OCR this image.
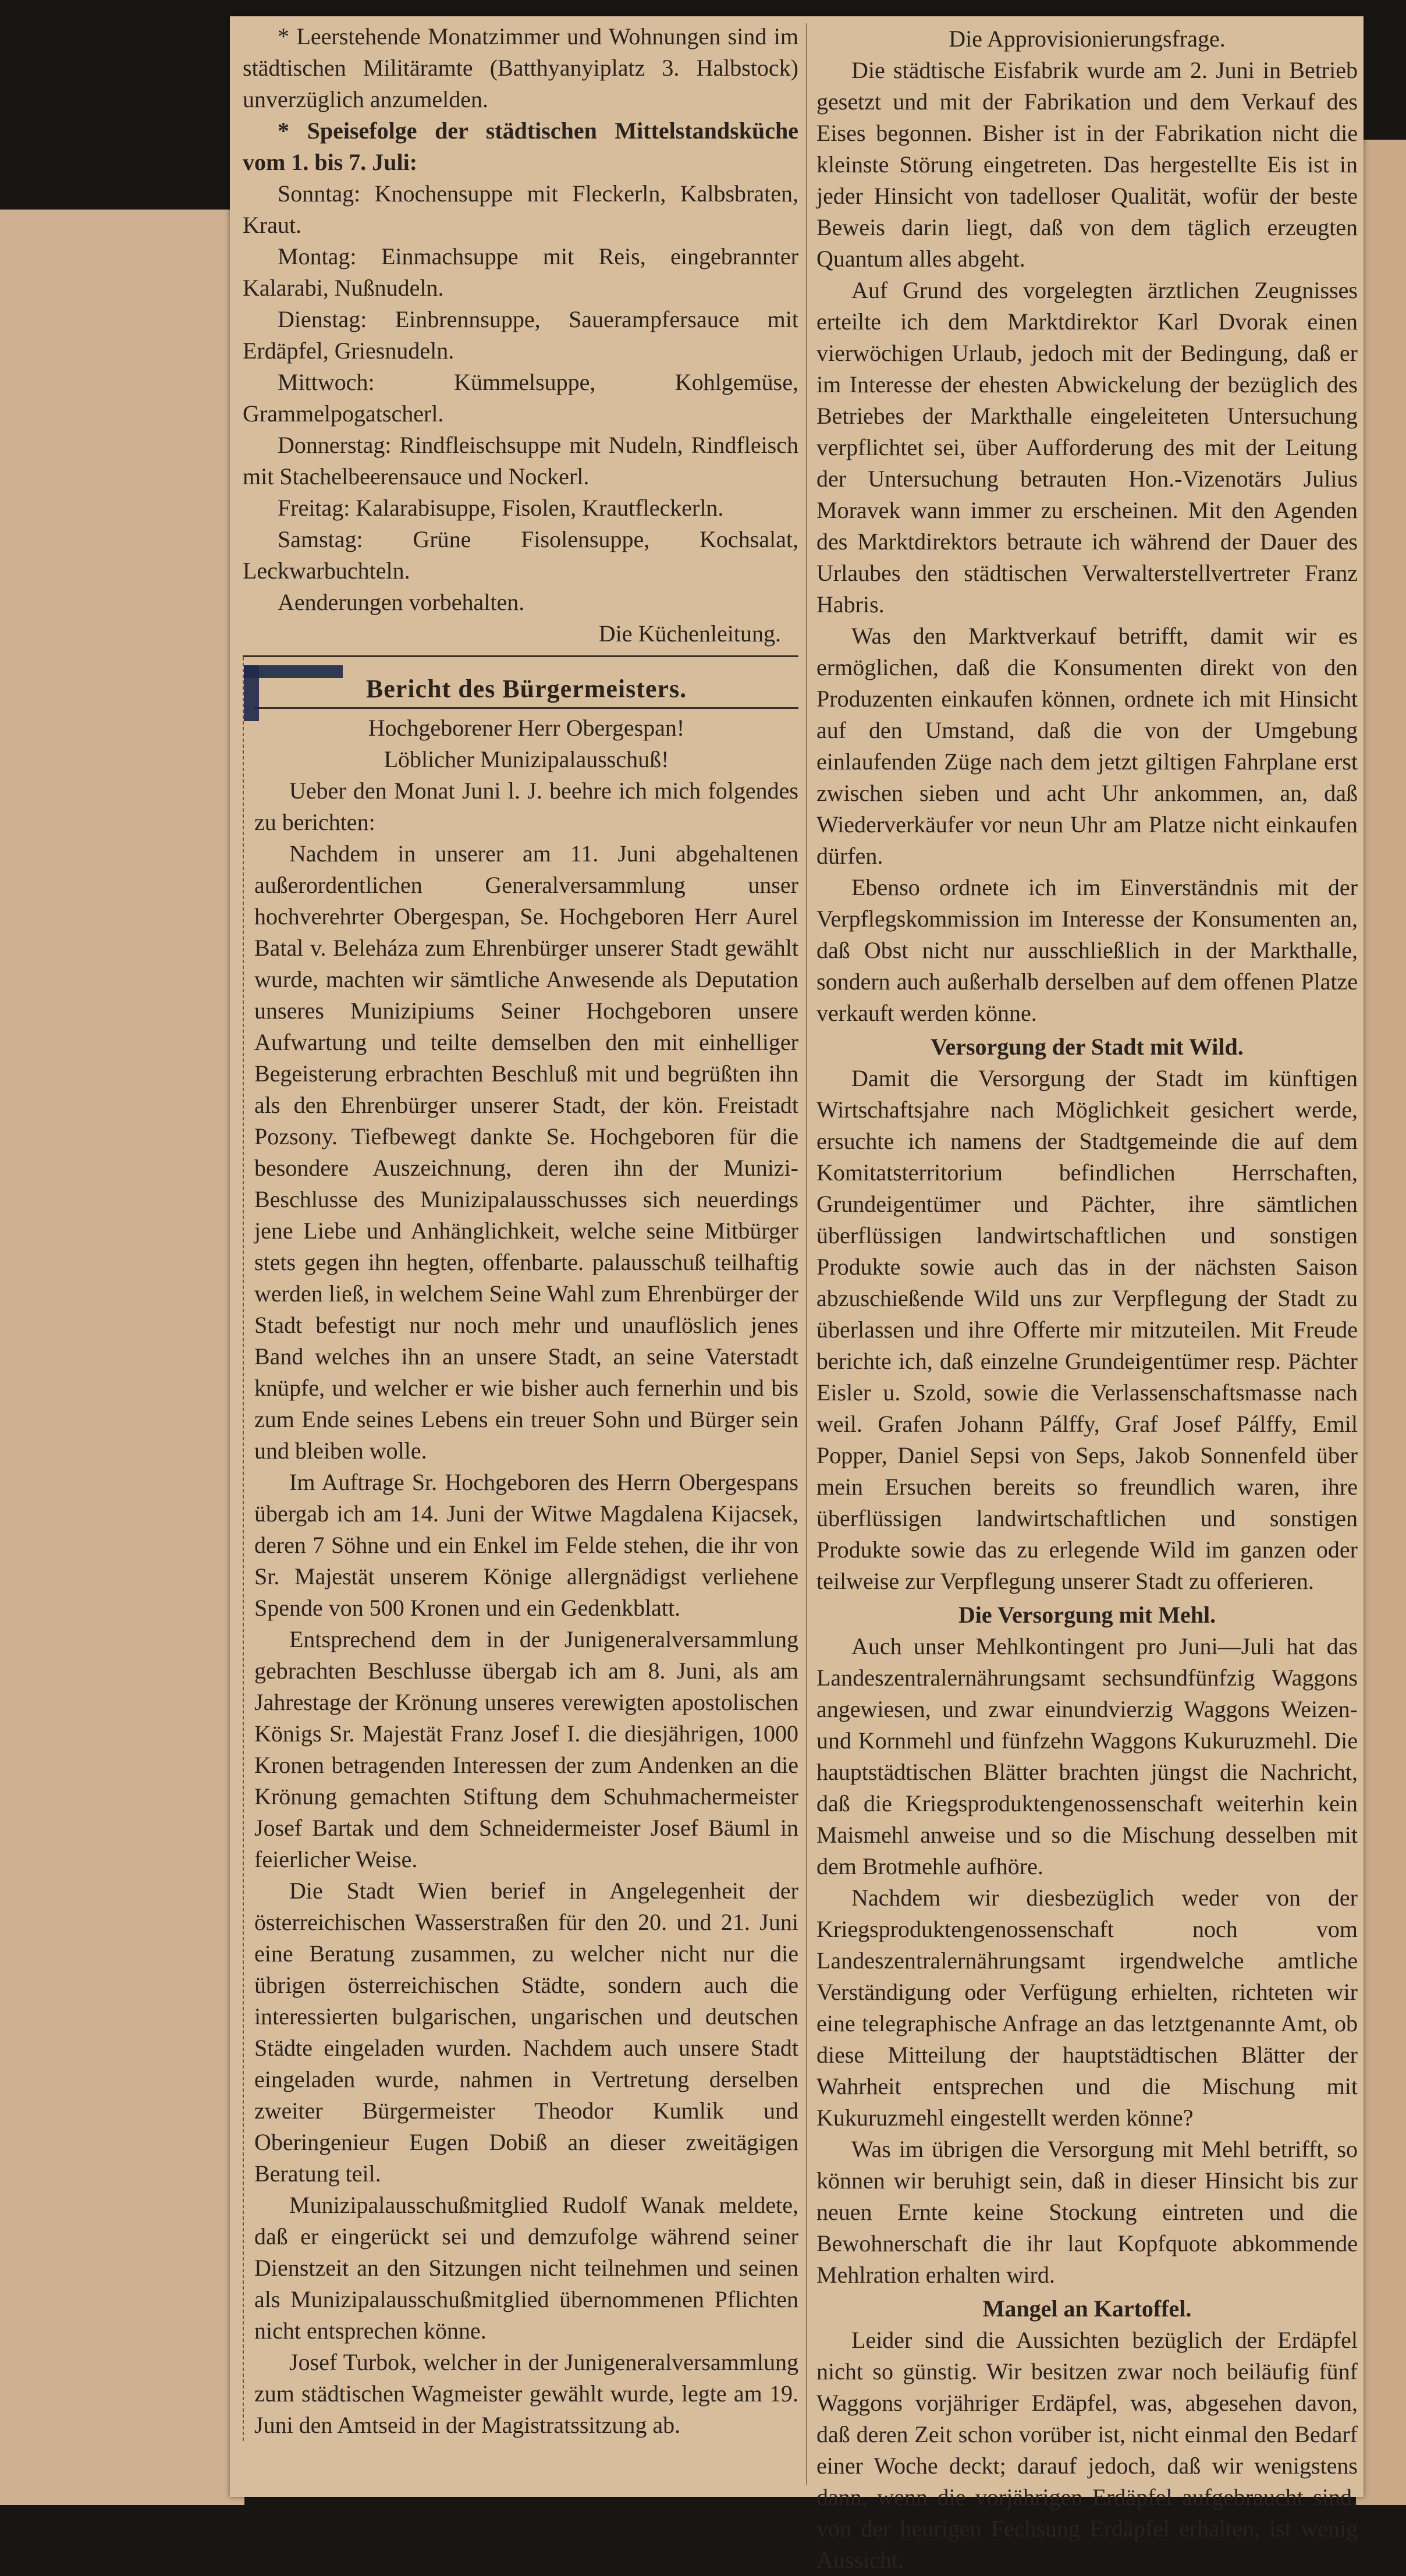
* Leerstehende Monatzimmer und Wohnungen sind im städtischen Militäramte (Batthyanyiplatz 3. Halbstock) unverzüglich anzumelden.

* Speisefolge der städtischen Mittelstandsküche vom 1. bis 7. Juli:

Sonntag: Knochensuppe mit Fleckerln, Kalbsbraten, Kraut.

Montag: Einmachsuppe mit Reis, eingebrannter Kalarabi, Nußnudeln.

Dienstag: Einbrennsuppe, Sauerampfersauce mit Erdäpfel, Griesnudeln.

Mittwoch: Kümmelsuppe, Kohlgemüse, Grammelpogatscherl.

Donnerstag: Rindfleischsuppe mit Nudeln, Rindfleisch mit Stachelbeerensauce und Nockerl.

Freitag: Kalarabisuppe, Fisolen, Krautfleckerln.

Samstag: Grüne Fisolensuppe, Kochsalat, Leckwarbuchteln.

Aenderungen vorbehalten.

Die Küchenleitung.

Bericht des Bürgermeisters.

Hochgeborener Herr Obergespan!

Löblicher Munizipalausschuß!

Ueber den Monat Juni l. J. beehre ich mich folgendes zu berichten:

Nachdem in unserer am 11. Juni abgehaltenen außerordentlichen Generalversammlung unser hochverehrter Obergespan, Se. Hochgeboren Herr Aurel Batal v. Beleháza zum Ehrenbürger unserer Stadt gewählt wurde, machten wir sämtliche Anwesende als Deputation unseres Munizipiums Seiner Hochgeboren unsere Aufwartung und teilte demselben den mit einhelliger Begeisterung erbrachten Beschluß mit und begrüßten ihn als den Ehrenbürger unserer Stadt, der kön. Freistadt Pozsony. Tiefbewegt dankte Se. Hochgeboren für die besondere Auszeichnung, deren ihn der Munizi- Beschlusse des Munizipalausschusses sich neuerdings jene Liebe und Anhänglichkeit, welche seine Mitbürger stets gegen ihn hegten, offenbarte. palausschuß teilhaftig werden ließ, in welchem Seine Wahl zum Ehrenbürger der Stadt befestigt nur noch mehr und unauflöslich jenes Band welches ihn an unsere Stadt, an seine Vaterstadt knüpfe, und welcher er wie bisher auch fernerhin und bis zum Ende seines Lebens ein treuer Sohn und Bürger sein und bleiben wolle.

Im Auftrage Sr. Hochgeboren des Herrn Obergespans übergab ich am 14. Juni der Witwe Magdalena Kijacsek, deren 7 Söhne und ein Enkel im Felde stehen, die ihr von Sr. Majestät unserem Könige allergnädigst verliehene Spende von 500 Kronen und ein Gedenkblatt.

Entsprechend dem in der Junigeneralversammlung gebrachten Beschlusse übergab ich am 8. Juni, als am Jahrestage der Krönung unseres verewigten apostolischen Königs Sr. Majestät Franz Josef I. die diesjährigen, 1000 Kronen betragenden Interessen der zum Andenken an die Krönung gemachten Stiftung dem Schuhmachermeister Josef Bartak und dem Schneidermeister Josef Bäuml in feierlicher Weise.

Die Stadt Wien berief in Angelegenheit der österreichischen Wasserstraßen für den 20. und 21. Juni eine Beratung zusammen, zu welcher nicht nur die übrigen österreichischen Städte, sondern auch die interessierten bulgarischen, ungarischen und deutschen Städte eingeladen wurden. Nachdem auch unsere Stadt eingeladen wurde, nahmen in Vertretung derselben zweiter Bürgermeister Theodor Kumlik und Oberingenieur Eugen Dobiß an dieser zweitägigen Beratung teil.

Munizipalausschußmitglied Rudolf Wanak meldete, daß er eingerückt sei und demzufolge während seiner Dienstzeit an den Sitzungen nicht teilnehmen und seinen als Munizipalausschußmitglied übernommenen Pflichten nicht entsprechen könne.

Josef Turbok, welcher in der Junigeneralversammlung zum städtischen Wagmeister gewählt wurde, legte am 19. Juni den Amtseid in der Magistratssitzung ab.

Die Approvisionierungsfrage.

Die städtische Eisfabrik wurde am 2. Juni in Betrieb gesetzt und mit der Fabrikation und dem Verkauf des Eises begonnen. Bisher ist in der Fabrikation nicht die kleinste Störung eingetreten. Das hergestellte Eis ist in jeder Hinsicht von tadelloser Qualität, wofür der beste Beweis darin liegt, daß von dem täglich erzeugten Quantum alles abgeht.

Auf Grund des vorgelegten ärztlichen Zeugnisses erteilte ich dem Marktdirektor Karl Dvorak einen vierwöchigen Urlaub, jedoch mit der Bedingung, daß er im Interesse der ehesten Abwickelung der bezüglich des Betriebes der Markthalle eingeleiteten Untersuchung verpflichtet sei, über Aufforderung des mit der Leitung der Untersuchung betrauten Hon.-Vizenotärs Julius Moravek wann immer zu erscheinen. Mit den Agenden des Marktdirektors betraute ich während der Dauer des Urlaubes den städtischen Verwalterstellvertreter Franz Habris.

Was den Marktverkauf betrifft, damit wir es ermöglichen, daß die Konsumenten direkt von den Produzenten einkaufen können, ordnete ich mit Hinsicht auf den Umstand, daß die von der Umgebung einlaufenden Züge nach dem jetzt giltigen Fahrplane erst zwischen sieben und acht Uhr ankommen, an, daß Wiederverkäufer vor neun Uhr am Platze nicht einkaufen dürfen.

Ebenso ordnete ich im Einverständnis mit der Verpflegskommission im Interesse der Konsumenten an, daß Obst nicht nur ausschließlich in der Markthalle, sondern auch außerhalb derselben auf dem offenen Platze verkauft werden könne.

Versorgung der Stadt mit Wild.

Damit die Versorgung der Stadt im künftigen Wirtschaftsjahre nach Möglichkeit gesichert werde, ersuchte ich namens der Stadtgemeinde die auf dem Komitatsterritorium befindlichen Herrschaften, Grundeigentümer und Pächter, ihre sämtlichen überflüssigen landwirtschaftlichen und sonstigen Produkte sowie auch das in der nächsten Saison abzuschießende Wild uns zur Verpflegung der Stadt zu überlassen und ihre Offerte mir mitzuteilen. Mit Freude berichte ich, daß einzelne Grundeigentümer resp. Pächter Eisler u. Szold, sowie die Verlassenschaftsmasse nach weil. Grafen Johann Pálffy, Graf Josef Pálffy, Emil Popper, Daniel Sepsi von Seps, Jakob Sonnenfeld über mein Ersuchen bereits so freundlich waren, ihre überflüssigen landwirtschaftlichen und sonstigen Produkte sowie das zu erlegende Wild im ganzen oder teilweise zur Verpflegung unserer Stadt zu offerieren.

Die Versorgung mit Mehl.

Auch unser Mehlkontingent pro Juni—Juli hat das Landeszentralernährungsamt sechsundfünfzig Waggons angewiesen, und zwar einundvierzig Waggons Weizen- und Kornmehl und fünfzehn Waggons Kukuruzmehl. Die hauptstädtischen Blätter brachten jüngst die Nachricht, daß die Kriegsproduktengenossenschaft weiterhin kein Maismehl anweise und so die Mischung desselben mit dem Brotmehle aufhöre.

Nachdem wir diesbezüglich weder von der Kriegsproduktengenossenschaft noch vom Landeszentralernährungsamt irgendwelche amtliche Verständigung oder Verfügung erhielten, richteten wir eine telegraphische Anfrage an das letztgenannte Amt, ob diese Mitteilung der hauptstädtischen Blätter der Wahrheit entsprechen und die Mischung mit Kukuruzmehl eingestellt werden könne?

Was im übrigen die Versorgung mit Mehl betrifft, so können wir beruhigt sein, daß in dieser Hinsicht bis zur neuen Ernte keine Stockung eintreten und die Bewohnerschaft die ihr laut Kopfquote abkommende Mehlration erhalten wird.

Mangel an Kartoffel.

Leider sind die Aussichten bezüglich der Erdäpfel nicht so günstig. Wir besitzen zwar noch beiläufig fünf Waggons vorjähriger Erdäpfel, was, abgesehen davon, daß deren Zeit schon vorüber ist, nicht einmal den Bedarf einer Woche deckt; darauf jedoch, daß wir wenigstens dann, wenn die vorjährigen Erdäpfel aufgebraucht sind, von der heurigen Fechsung Erdäpfel erhalten, ist wenig Aussicht.
